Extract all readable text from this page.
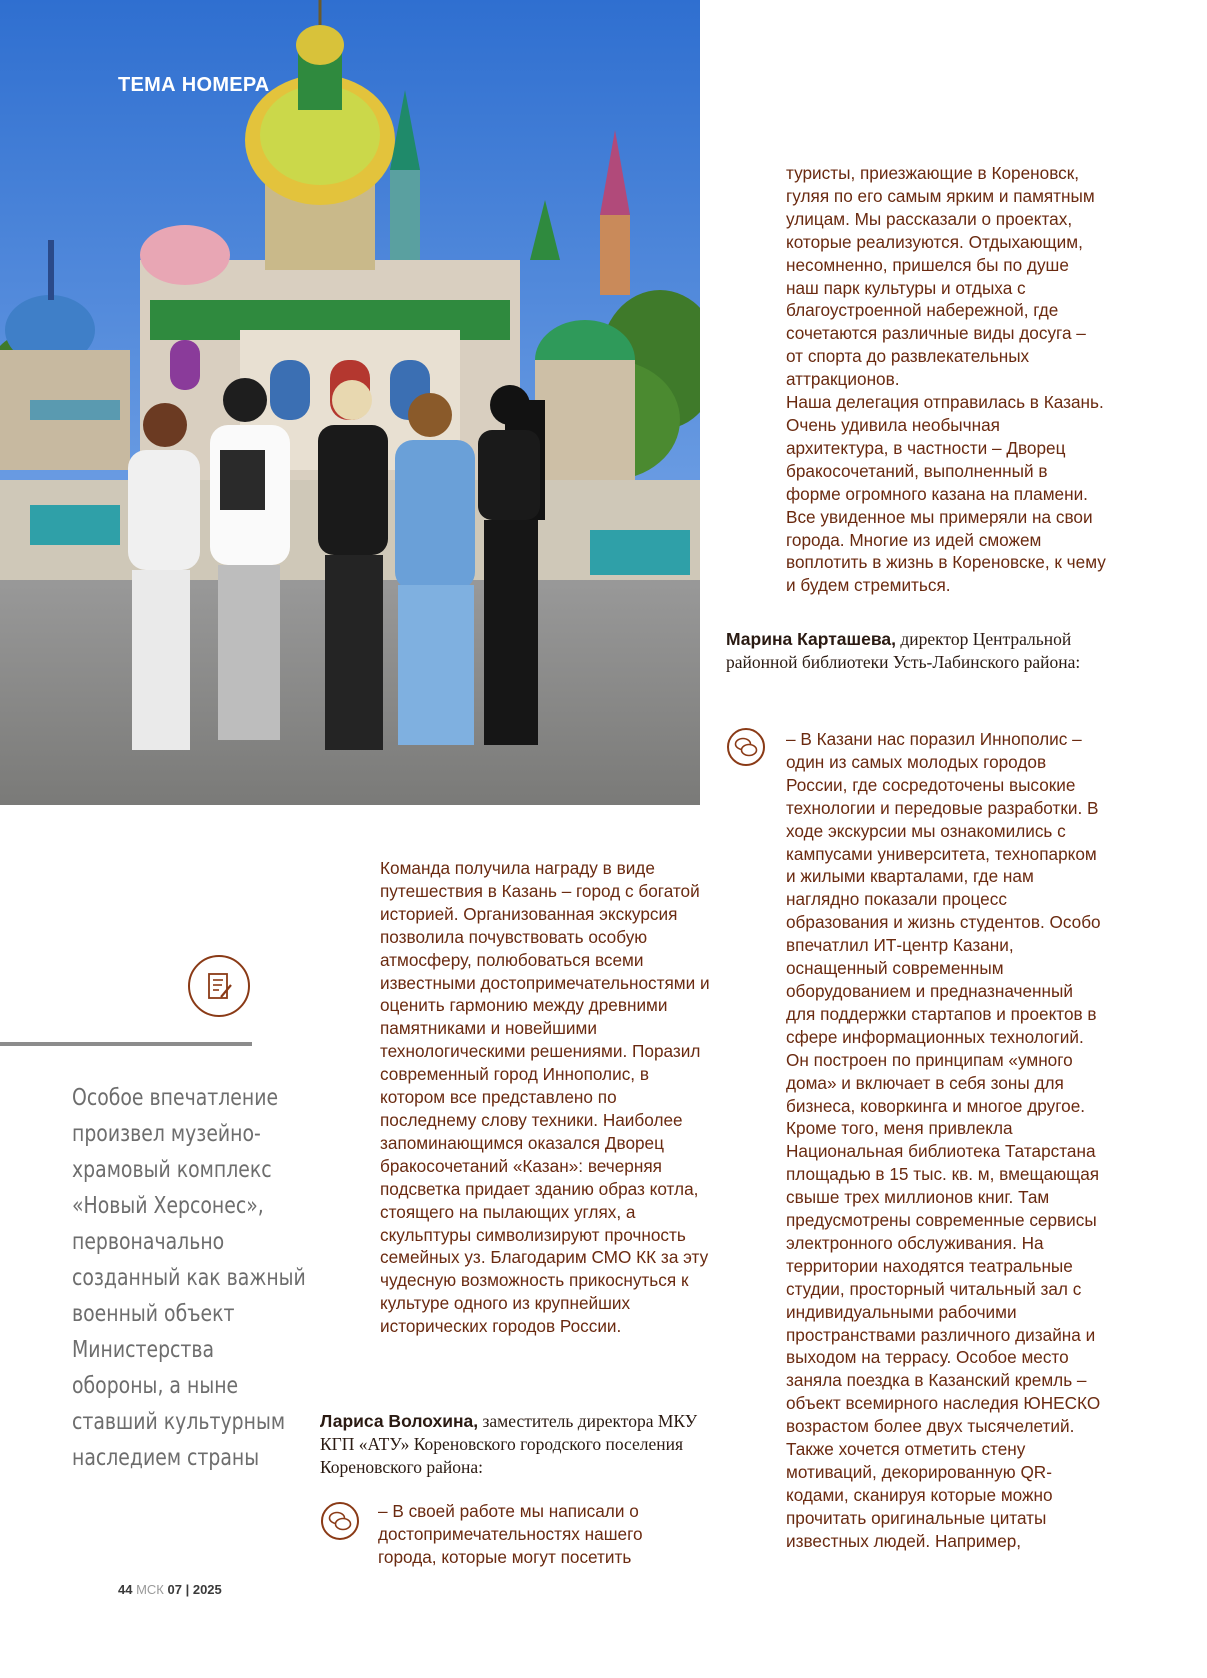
ТЕМА НОМЕРА

туристы, приезжающие в Кореновск, гуляя по его самым ярким и памятным улицам. Мы рассказали о проектах, которые реализуются. Отдыхающим, несомненно, пришелся бы по душе наш парк культуры и отдыха с благоустроенной набережной, где сочетаются различные виды досуга – от спорта до развлекательных аттракционов.

Наша делегация отправилась в Казань. Очень удивила необычная архитектура, в частности – Дворец бракосочетаний, выполненный в форме огромного казана на пламени. Все увиденное мы примеряли на свои города. Многие из идей сможем воплотить в жизнь в Кореновске, к чему и будем стремиться.

Марина Карташева, директор Центральной районной библиотеки Усть-Лабинского района:

– В Казани нас поразил Иннополис – один из самых молодых городов России, где сосредоточены высокие технологии и передовые разработки. В ходе экскурсии мы ознакомились с кампусами университета, технопарком и жилыми кварталами, где нам наглядно показали процесс образования и жизнь студентов. Особо впечатлил ИТ-центр Казани, оснащенный современным оборудованием и предназначенный для поддержки стартапов и проектов в сфере информационных технологий. Он построен по принципам «умного дома» и включает в себя зоны для бизнеса, коворкинга и многое другое. Кроме того, меня привлекла Национальная библиотека Татарстана площадью в 15 тыс. кв. м, вмещающая свыше трех миллионов книг. Там предусмотрены современные сервисы электронного обслуживания. На территории находятся театральные студии, просторный читальный зал с индивидуальными рабочими пространствами различного дизайна и выходом на террасу. Особое место заняла поездка в Казанский кремль – объект всемирного наследия ЮНЕСКО возрастом более двух тысячелетий. Также хочется отметить стену мотиваций, декорированную QR-кодами, сканируя которые можно прочитать оригинальные цитаты известных людей. Например,

Особое впечатление произвел музейно-храмовый комплекс «Новый Херсонес», первоначально созданный как важный военный объект Министерства обороны, а ныне ставший культурным наследием страны

Команда получила награду в виде путешествия в Казань – город с богатой историей. Организованная экскурсия позволила почувствовать особую атмосферу, полюбоваться всеми известными достопримечательностями и оценить гармонию между древними памятниками и новейшими технологическими решениями. Поразил современный город Иннополис, в котором все представлено по последнему слову техники. Наиболее запоминающимся оказался Дворец бракосочетаний «Казан»: вечерняя подсветка придает зданию образ котла, стоящего на пылающих углях, а скульптуры символизируют прочность семейных уз. Благодарим СМО КК за эту чудесную возможность прикоснуться к культуре одного из крупнейших исторических городов России.

Лариса Волохина, заместитель директора МКУ КГП «АТУ» Кореновского городского поселения Кореновского района:

– В своей работе мы написали о достопримечательностях нашего города, которые могут посетить

44 МСК 07 | 2025
